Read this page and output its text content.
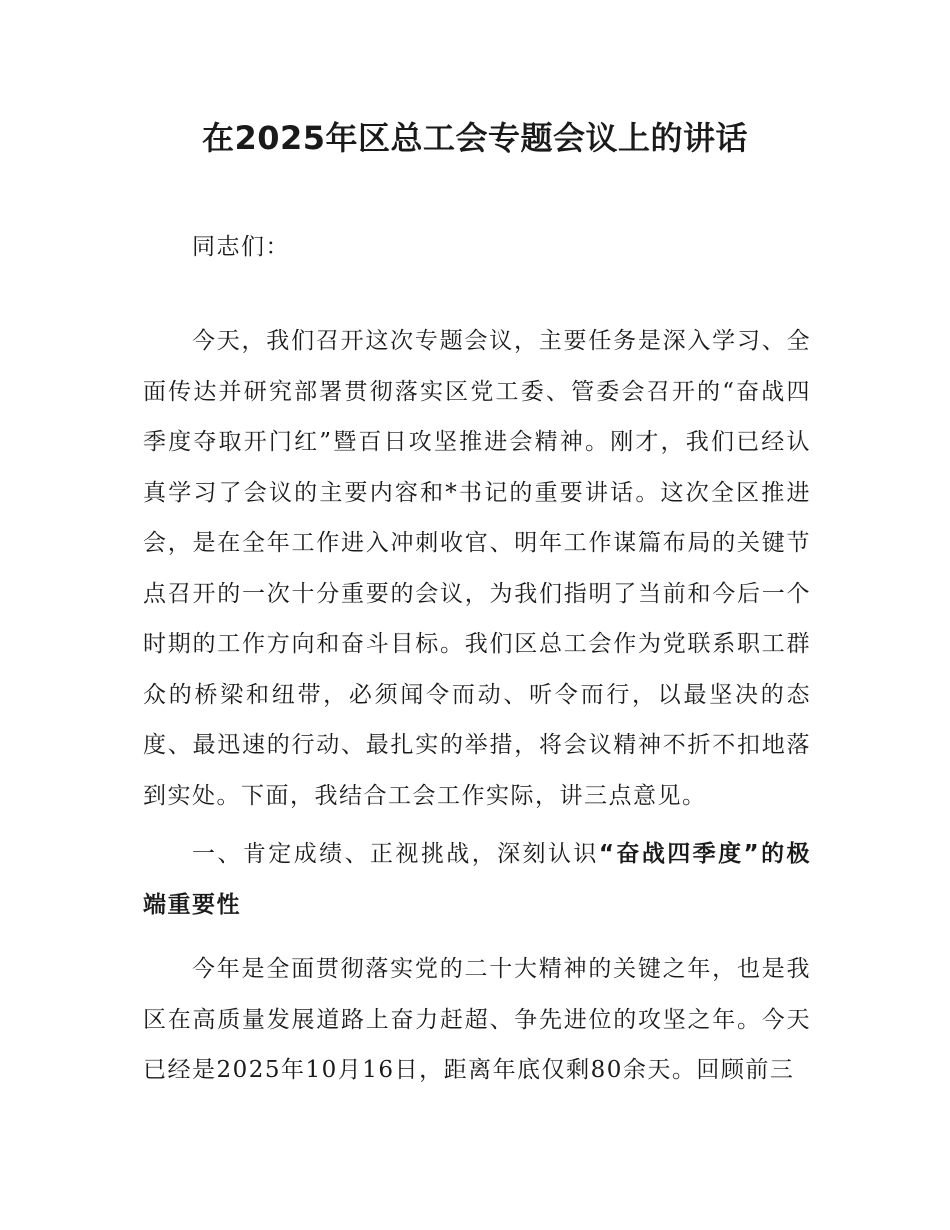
在2025年区总工会专题会议上的讲话

同志们：

今天，我们召开这次专题会议，主要任务是深入学习、全面传达并研究部署贯彻落实区党工委、管委会召开的“奋战四季度夺取开门红”暨百日攻坚推进会精神。刚才，我们已经认真学习了会议的主要内容和*书记的重要讲话。这次全区推进会，是在全年工作进入冲刺收官、明年工作谋篇布局的关键节点召开的一次十分重要的会议，为我们指明了当前和今后一个时期的工作方向和奋斗目标。我们区总工会作为党联系职工群众的桥梁和纽带，必须闻令而动、听令而行，以最坚决的态度、最迅速的行动、最扎实的举措，将会议精神不折不扣地落到实处。下面，我结合工会工作实际，讲三点意见。

一、肯定成绩、正视挑战，深刻认识“奋战四季度”的极端重要性

今年是全面贯彻落实党的二十大精神的关键之年，也是我区在高质量发展道路上奋力赶超、争先进位的攻坚之年。今天已经是2025年10月16日，距离年底仅剩80余天。回顾前三
